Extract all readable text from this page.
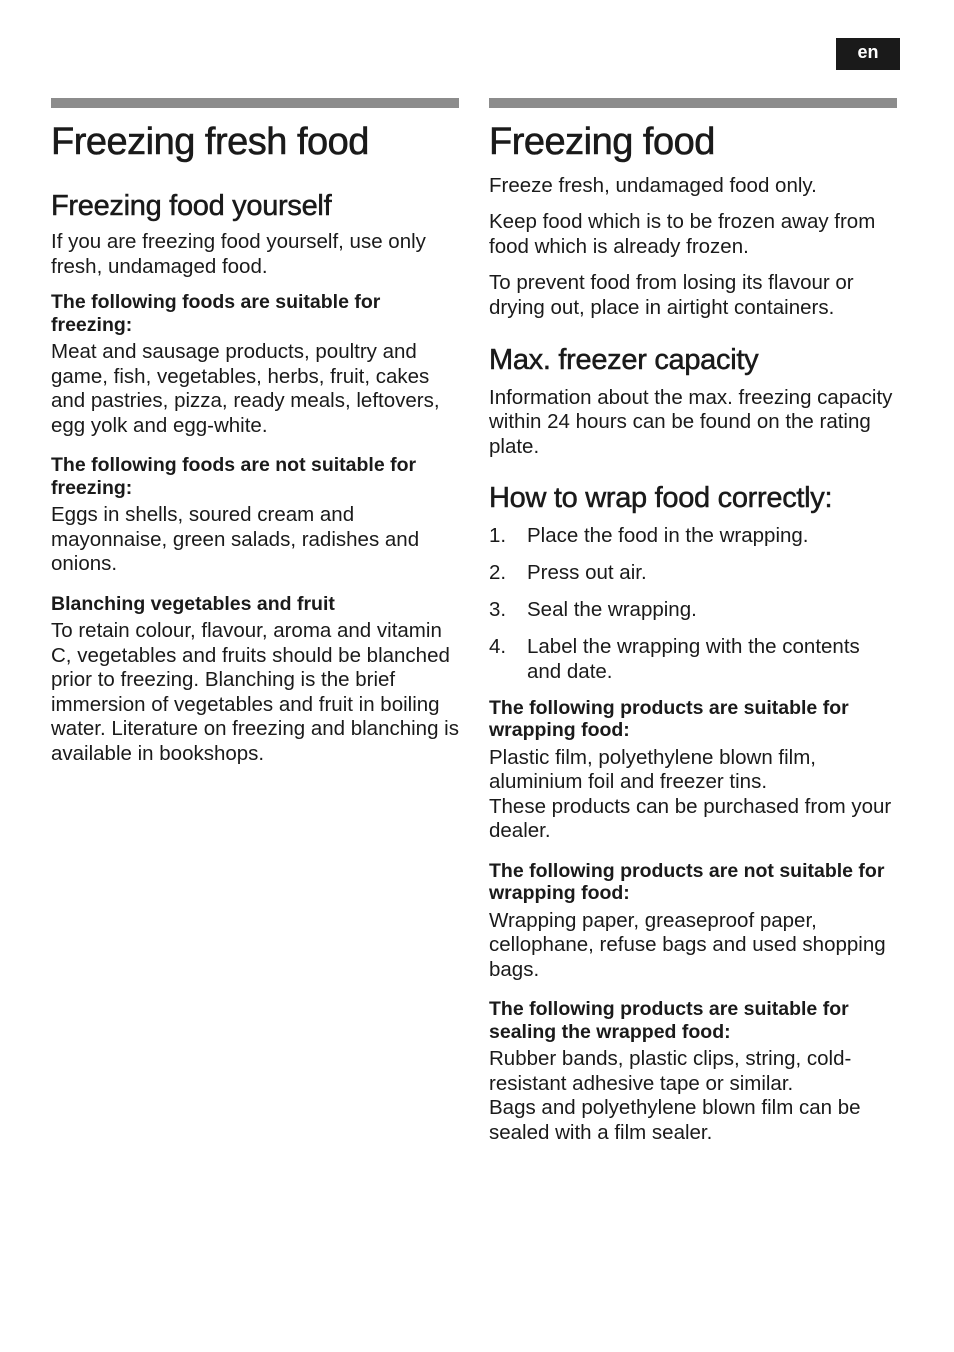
en
Freezing fresh food
Freezing food yourself

If you are freezing food yourself, use only fresh, undamaged food.

The following foods are suitable for freezing:

Meat and sausage products, poultry and game, fish, vegetables, herbs, fruit, cakes and pastries, pizza, ready meals, leftovers, egg yolk and egg-white.

The following foods are not suitable for freezing:

Eggs in shells, soured cream and mayonnaise, green salads, radishes and onions.

Blanching vegetables and fruit

To retain colour, flavour, aroma and vitamin C, vegetables and fruits should be blanched prior to freezing. Blanching is the brief immersion of vegetables and fruit in boiling water. Literature on freezing and blanching is available in bookshops.

Freezing food

Freeze fresh, undamaged food only.

Keep food which is to be frozen away from food which is already frozen.

To prevent food from losing its flavour or drying out, place in airtight containers.

Max. freezer capacity

Information about the max. freezing capacity within 24 hours can be found on the rating plate.

How to wrap food correctly:
1.	Place the food in the wrapping.
2.	Press out air.
3.	Seal the wrapping.
4.	Label the wrapping with the contents and date.
The following products are suitable for wrapping food:

Plastic film, polyethylene blown film, aluminium foil and freezer tins.

These products can be purchased from your dealer.

The following products are not suitable for wrapping food:

Wrapping paper, greaseproof paper, cellophane, refuse bags and used shopping bags.

The following products are suitable for sealing the wrapped food:

Rubber bands, plastic clips, string, cold-resistant adhesive tape or similar.

Bags and polyethylene blown film can be sealed with a film sealer.
